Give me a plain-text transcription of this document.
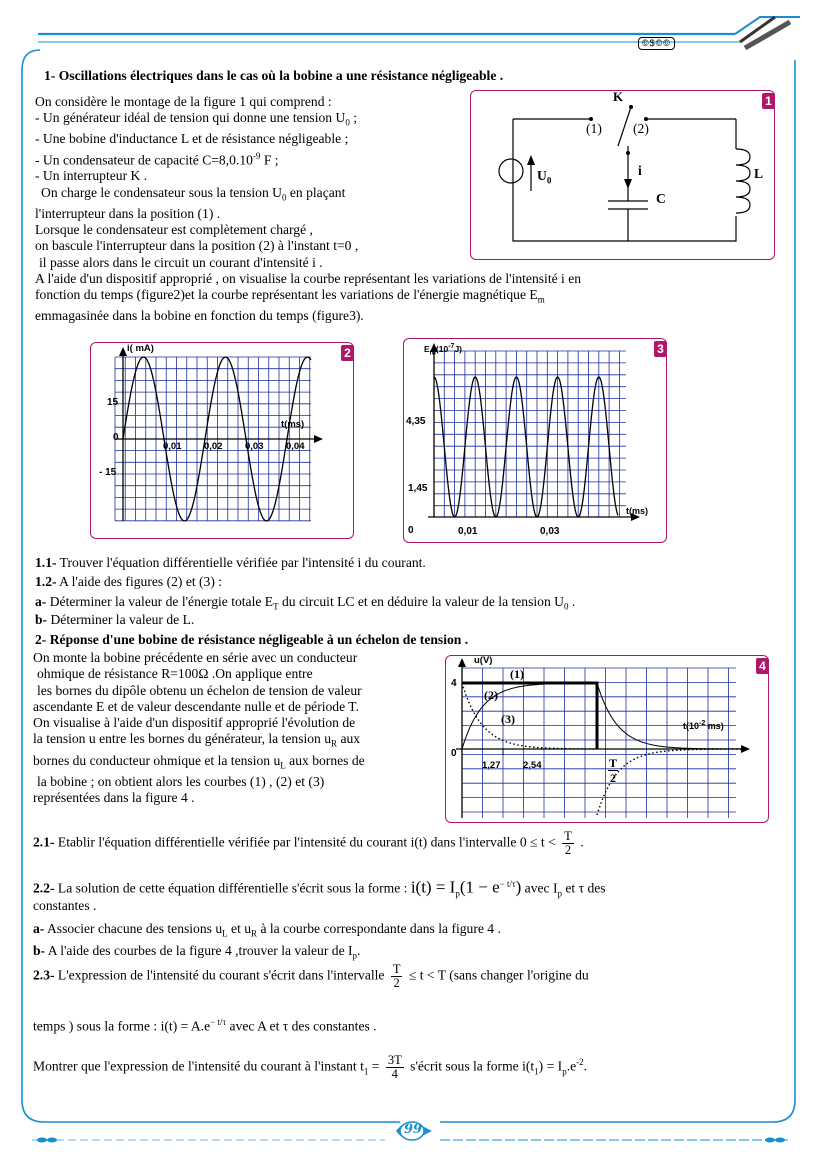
©$©©
1- Oscillations électriques dans le cas où la bobine a une résistance négligeable .
On considère le montage de la figure 1 qui comprend :
- Un générateur idéal de tension qui donne une tension $U_0$ ;
- Une bobine d'inductance L et de résistance négligeable ;
- Un condensateur de capacité $C=8,0.10^{-9}$ F ;
- Un interrupteur K .
On charge le condensateur sous la tension $U_0$ en plaçant
l'interrupteur dans la position (1) .
Lorsque le condensateur est complètement chargé ,
on bascule l'interrupteur dans la position (2) à l'instant t=0 ,
il passe alors dans le circuit un courant d'intensité i .
A l'aide d'un dispositif approprié , on visualise la courbe représentant les variations de l'intensité i en
fonction du temps (figure2)et la courbe représentant les variations de l'énergie magnétique $E_m$
emmagasinée dans la bobine en fonction du temps (figure3).
1
K
(1) (2)
i
$U_0$
C
L
2
i( mA)
15
0
- 15
t(ms)
0,01 0,02 0,03 0,04
3
$E_m(10^{-7}J)$
4,35
1,45
0
t(ms)
0,01	0,03
1.1- Trouver l'équation différentielle vérifiée par l'intensité i du courant.
1.2- A l'aide des figures (2) et (3) :
a- Déterminer la valeur de l'énergie totale $E_T$ du circuit LC et en déduire la valeur de la tension $U_0$ .
b- Déterminer la valeur de L.
2- Réponse d'une bobine de résistance négligeable à un échelon de tension .
On monte la bobine précédente en série avec un conducteur
ohmique de résistance R=100Ω .On applique entre
les bornes du dipôle obtenu un échelon de tension de valeur
ascendante E et de valeur descendante nulle et de période T.
On visualise à l'aide d'un dispositif approprié l'évolution de
la tension u entre les bornes du générateur, la tension $u_R$ aux
bornes du conducteur ohmique et la tension $u_L$ aux bornes de
la bobine ; on obtient alors les courbes (1) , (2) et (3)
représentées dans la figure 4 .
4
u(V)
(1)
(2)
(3)
4
0
$t(10^{-2}$ ms)
1,27 2,54	$\frac{T}{2}$
2.1- Etablir l'équation différentielle vérifiée par l'intensité du courant i(t) dans l'intervalle $0 \le t < \frac{T}{2}$ .
2.2- La solution de cette équation différentielle s'écrit sous la forme : $i(t) = I_p(1 - e^{- t/\tau})$ avec $I_p$ et τ des
constantes .
a- Associer chacune des tensions $u_L$ et $u_R$ à la courbe correspondante dans la figure 4 .
b- A l'aide des courbes de la figure 4 ,trouver la valeur de $I_p$.
2.3- L'expression de l'intensité du courant s'écrit dans l'intervalle $\frac{T}{2} \le t < T$ (sans changer l'origine du
temps ) sous la forme : $i(t) = A.e^{- t/\tau}$ avec A et τ des constantes .
Montrer que l'expression de l'intensité du courant à l'instant $t_1 = \frac{3T}{4}$ s'écrit sous la forme $i(t_1) = I_p.e^{-2}$.
99
